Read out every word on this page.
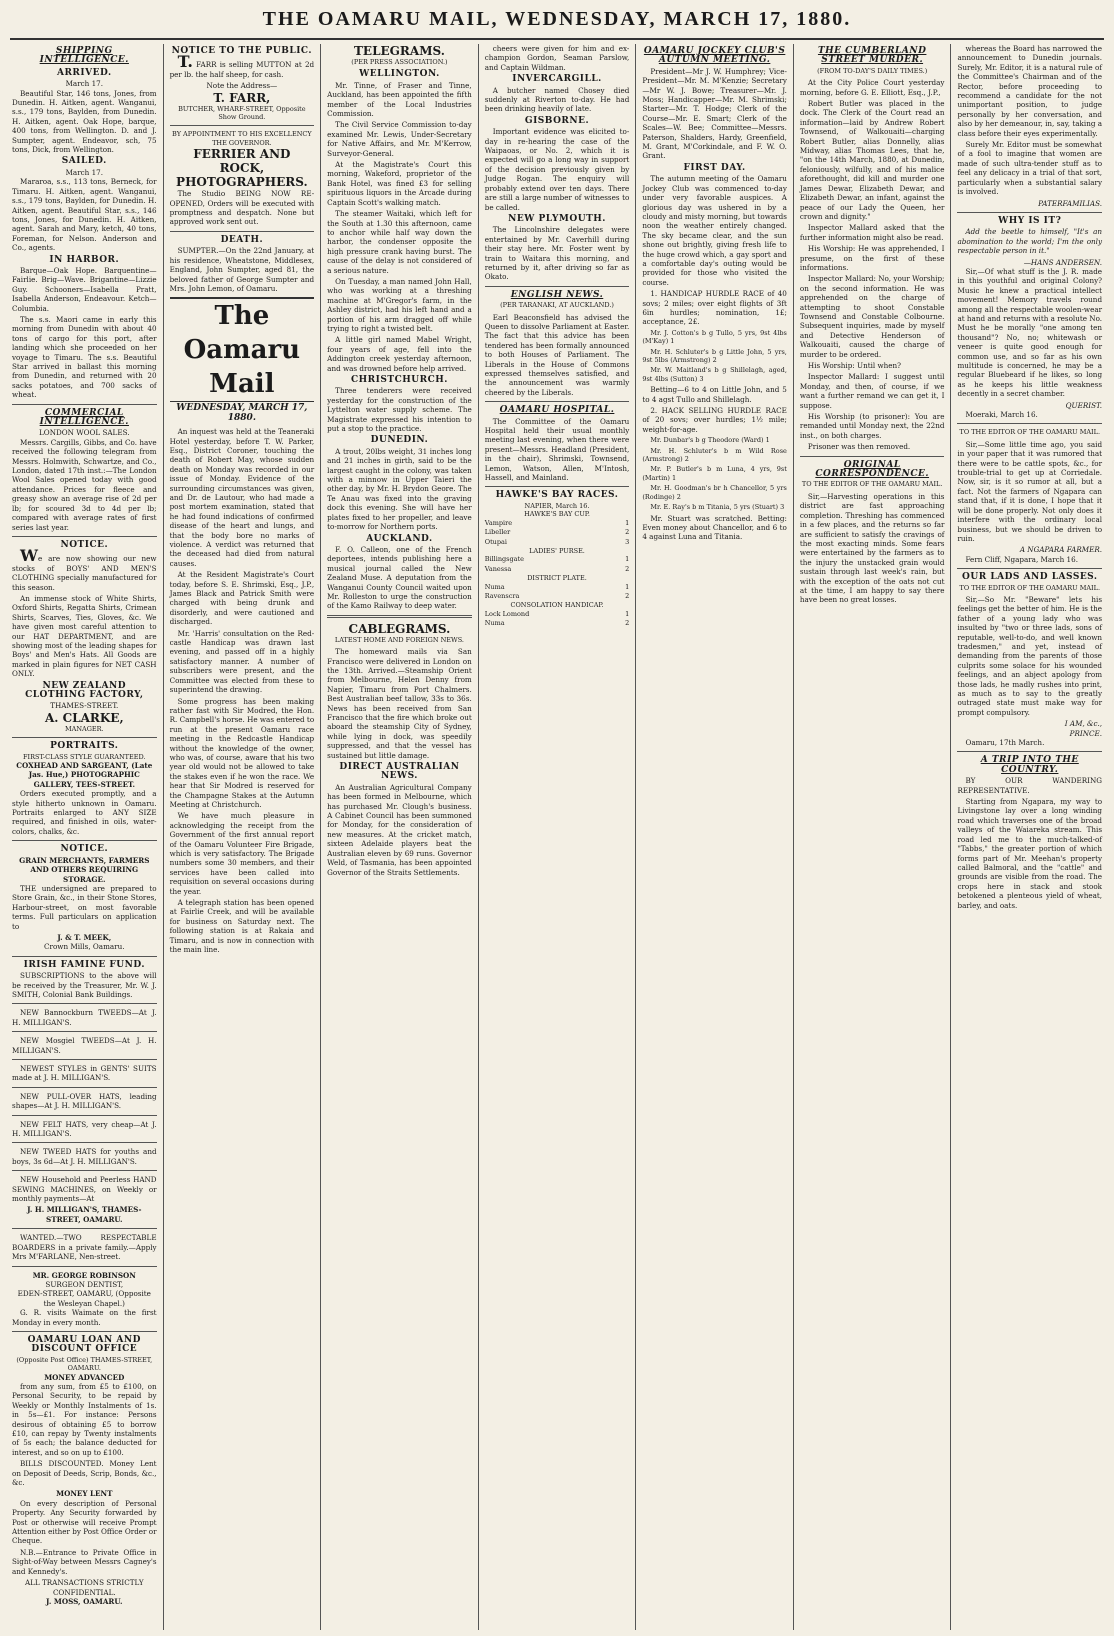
THE OAMARU MAIL, WEDNESDAY, MARCH 17, 1880.
SHIPPING INTELLIGENCE.
ARRIVED.
March 17.
Beautiful Star, 146 tons, Jones, from Dunedin. H. Aitken, agent. Wanganui, s.s., 179 tons, Baylden, from Dunedin. H. Aitken, agent. Oak Hope, barque, 400 tons, from Wellington. D. and J. Sumpter, agent. Endeavor, sch, 75 tons, Dick, from Wellington.
SAILED.
March 17.
Mararoa, s.s., 113 tons, Berneck, for Timaru. H. Aitken, agent. Wanganui, s.s., 179 tons, Baylden, for Dunedin. H. Aitken, agent. Beautiful Star, s.s., 146 tons, Jones, for Dunedin. H. Aitken, agent. Sarah and Mary, ketch, 40 tons, Foreman, for Nelson. Anderson and Co., agents.
IN HARBOR.
Barque—Oak Hope. Barquentine—Fairlie. Brig—Wave. Brigantine—Lizzie Guy. Schooners—Isabella Pratt, Isabella Anderson, Endeavour. Ketch—Columbia.
The s.s. Maori came in early this morning from Dunedin with about 40 tons of cargo for this port, after landing which she proceeded on her voyage to Timaru. The s.s. Beautiful Star arrived in ballast this morning from Dunedin, and returned with 20 sacks potatoes, and 700 sacks of wheat.
COMMERCIAL INTELLIGENCE.
LONDON WOOL SALES.
Messrs. Cargills, Gibbs, and Co. have received the following telegram from Messrs. Holmwith, Schwartze, and Co., London, dated 17th inst.:—The London Wool Sales opened today with good attendance. Prices for fleece and greasy show an average rise of 2d per lb; for scoured 3d to 4d per lb; compared with average rates of first series last year.
NOTICE.
We are now showing our new stocks of BOYS' AND MEN'S CLOTHING specially manufactured for this season.
An immense stock of White Shirts, Oxford Shirts, Regatta Shirts, Crimean Shirts, Scarves, Ties, Gloves, &c. We have given most careful attention to our HAT DEPARTMENT, and are showing most of the leading shapes for Boys' and Men's Hats. All Goods are marked in plain figures for NET CASH ONLY.
NEW ZEALAND CLOTHING FACTORY,
THAMES-STREET.
A. CLARKE,
MANAGER.
PORTRAITS.
FIRST-CLASS STYLE GUARANTEED.
COXHEAD AND SARGEANT, (Late Jas. Hue,) PHOTOGRAPHIC GALLERY, TEES-STREET.
Orders executed promptly, and a style hitherto unknown in Oamaru. Portraits enlarged to ANY SIZE required, and finished in oils, water-colors, chalks, &c.
NOTICE.
GRAIN MERCHANTS, FARMERS AND OTHERS REQUIRING STORAGE.
THE undersigned are prepared to Store Grain, &c., in their Stone Stores, Harbour-street, on most favorable terms. Full particulars on application to
J. & T. MEEK,
Crown Mills, Oamaru.
IRISH FAMINE FUND.
SUBSCRIPTIONS to the above will be received by the Treasurer, Mr. W. J. SMITH, Colonial Bank Buildings.
NEW Bannockburn TWEEDS—At J. H. MILLIGAN'S.
NEW Mosgiel TWEEDS—At J. H. MILLIGAN'S.
NEWEST STYLES in GENTS' SUITS made at J. H. MILLIGAN'S.
NEW PULL-OVER HATS, leading shapes—At J. H. MILLIGAN'S.
NEW FELT HATS, very cheap—At J. H. MILLIGAN'S.
NEW TWEED HATS for youths and boys, 3s 6d—At J. H. MILLIGAN'S.
NEW Household and Peerless HAND SEWING MACHINES, on Weekly or monthly payments—At
J. H. MILLIGAN'S, THAMES-STREET, OAMARU.
WANTED.—TWO RESPECTABLE BOARDERS in a private family.—Apply Mrs M'FARLANE, Nen-street.
MR. GEORGE ROBINSON
SURGEON DENTIST,
EDEN-STREET, OAMARU, (Opposite the Wesleyan Chapel.)
G. R. visits Waimate on the first Monday in every month.
OAMARU LOAN AND DISCOUNT OFFICE
(Opposite Post Office) THAMES-STREET, OAMARU.
MONEY ADVANCED
from any sum, from £5 to £100, on Personal Security, to be repaid by Weekly or Monthly Instalments of 1s. in 5s—£1. For instance: Persons desirous of obtaining £5 to borrow £10, can repay by Twenty instalments of 5s each; the balance deducted for interest, and so on up to £100.
BILLS DISCOUNTED. Money Lent on Deposit of Deeds, Scrip, Bonds, &c., &c.
MONEY LENT
On every description of Personal Property. Any Security forwarded by Post or otherwise will receive Prompt Attention either by Post Office Order or Cheque.
N.B.—Entrance to Private Office in Sight-of-Way between Messrs Cagney's and Kennedy's.
ALL TRANSACTIONS STRICTLY CONFIDENTIAL.
J. MOSS, OAMARU.
NOTICE TO THE PUBLIC.
T. FARR is selling MUTTON at 2d per lb. the half sheep, for cash.
Note the Address—
T. FARR,
BUTCHER, WHARF-STREET, Opposite Show Ground.
BY APPOINTMENT TO HIS EXCELLENCY THE GOVERNOR.
FERRIER AND ROCK, PHOTOGRAPHERS.
The Studio BEING NOW RE-OPENED, Orders will be executed with promptness and despatch. None but approved work sent out.
DEATH.
SUMPTER.—On the 22nd January, at his residence, Wheatstone, Middlesex, England, John Sumpter, aged 81, the beloved father of George Sumpter and Mrs. John Lemon, of Oamaru.
The Oamaru Mail
WEDNESDAY, MARCH 17, 1880.
An inquest was held at the Teaneraki Hotel yesterday, before T. W. Parker, Esq., District Coroner, touching the death of Robert May, whose sudden death on Monday was recorded in our issue of Monday. Evidence of the surrounding circumstances was given, and Dr. de Lautour, who had made a post mortem examination, stated that he had found indications of confirmed disease of the heart and lungs, and that the body bore no marks of violence. A verdict was returned that the deceased had died from natural causes.
At the Resident Magistrate's Court today, before S. E. Shrimski, Esq., J.P., James Black and Patrick Smith were charged with being drunk and disorderly, and were cautioned and discharged.
Mr. 'Harris' consultation on the Red-castle Handicap was drawn last evening, and passed off in a highly satisfactory manner. A number of subscribers were present, and the Committee was elected from these to superintend the drawing.
Some progress has been making rather fast with Sir Modred, the Hon. R. Campbell's horse. He was entered to run at the present Oamaru race meeting in the Redcastle Handicap without the knowledge of the owner, who was, of course, aware that his two year old would not be allowed to take the stakes even if he won the race. We hear that Sir Modred is reserved for the Champagne Stakes at the Autumn Meeting at Christchurch.
We have much pleasure in acknowledging the receipt from the Government of the first annual report of the Oamaru Volunteer Fire Brigade, which is very satisfactory. The Brigade numbers some 30 members, and their services have been called into requisition on several occasions during the year.
A telegraph station has been opened at Fairlie Creek, and will be available for business on Saturday next. The following station is at Rakaia and Timaru, and is now in connection with the main line.
TELEGRAMS.
(PER PRESS ASSOCIATION.)
WELLINGTON.
Mr. Tinne, of Fraser and Tinne, Auckland, has been appointed the fifth member of the Local Industries Commission.
The Civil Service Commission to-day examined Mr. Lewis, Under-Secretary for Native Affairs, and Mr. M'Kerrow, Surveyor-General.
At the Magistrate's Court this morning, Wakeford, proprietor of the Bank Hotel, was fined £3 for selling spirituous liquors in the Arcade during Captain Scott's walking match.
The steamer Waitaki, which left for the South at 1.30 this afternoon, came to anchor while half way down the harbor, the condenser opposite the high pressure crank having burst. The cause of the delay is not considered of a serious nature.
On Tuesday, a man named John Hall, who was working at a threshing machine at M'Gregor's farm, in the Ashley district, had his left hand and a portion of his arm dragged off while trying to right a twisted belt.
A little girl named Mabel Wright, four years of age, fell into the Addington creek yesterday afternoon, and was drowned before help arrived.
CHRISTCHURCH.
Three tenderers were received yesterday for the construction of the Lyttelton water supply scheme. The Magistrate expressed his intention to put a stop to the practice.
DUNEDIN.
A trout, 20lbs weight, 31 inches long and 21 inches in girth, said to be the largest caught in the colony, was taken with a minnow in Upper Taieri the other day, by Mr. H. Brydon Geore. The Te Anau was fixed into the graving dock this evening. She will have her plates fixed to her propeller, and leave to-morrow for Northern ports.
AUCKLAND.
F. O. Calleon, one of the French deportees, intends publishing here a musical journal called the New Zealand Muse. A deputation from the Wanganui County Council waited upon Mr. Rolleston to urge the construction of the Kamo Railway to deep water.
CABLEGRAMS.
LATEST HOME AND FOREIGN NEWS.
The homeward mails via San Francisco were delivered in London on the 13th. Arrived.—Steamship Orient from Melbourne, Helen Denny from Napier, Timaru from Port Chalmers. Best Australian beef tallow, 33s to 36s. News has been received from San Francisco that the fire which broke out aboard the steamship City of Sydney, while lying in dock, was speedily suppressed, and that the vessel has sustained but little damage.
DIRECT AUSTRALIAN NEWS.
An Australian Agricultural Company has been formed in Melbourne, which has purchased Mr. Clough's business. A Cabinet Council has been summoned for Monday, for the consideration of new measures. At the cricket match, sixteen Adelaide players beat the Australian eleven by 69 runs. Governor Weld, of Tasmania, has been appointed Governor of the Straits Settlements.
cheers were given for him and ex-champion Gordon, Seaman Parslow, and Captain Wildman.
INVERCARGILL.
A butcher named Chosey died suddenly at Riverton to-day. He had been drinking heavily of late.
GISBORNE.
Important evidence was elicited to-day in re-hearing the case of the Waipaoas, or No. 2, which it is expected will go a long way in support of the decision previously given by Judge Rogan. The enquiry will probably extend over ten days. There are still a large number of witnesses to be called.
NEW PLYMOUTH.
The Lincolnshire delegates were entertained by Mr. Caverhill during their stay here. Mr. Foster went by train to Waitara this morning, and returned by it, after driving so far as Okato.
ENGLISH NEWS.
(PER TARANAKI, AT AUCKLAND.)
Earl Beaconsfield has advised the Queen to dissolve Parliament at Easter. The fact that this advice has been tendered has been formally announced to both Houses of Parliament. The Liberals in the House of Commons expressed themselves satisfied, and the announcement was warmly cheered by the Liberals.
OAMARU HOSPITAL.
The Committee of the Oamaru Hospital held their usual monthly meeting last evening, when there were present—Messrs. Headland (President, in the chair), Shrimski, Townsend, Lemon, Watson, Allen, M'Intosh, Hassell, and Mainland.
HAWKE'S BAY RACES.
NAPIER, March 16.
HAWKE'S BAY CUP.
Vampire	1
Libeller	2
Otupai	3
LADIES' PURSE.
Billingsgate	1
Vanessa	2
DISTRICT PLATE.
Numa	1
Ravenscra	2
CONSOLATION HANDICAP.
Lock Lomond	1
Numa	2
OAMARU JOCKEY CLUB'S AUTUMN MEETING.
President—Mr J. W. Humphrey; Vice-President—Mr. M. M'Kenzie; Secretary—Mr W. J. Bowe; Treasurer—Mr. J. Moss; Handicapper—Mr. M. Shrimski; Starter—Mr. T. Hodge; Clerk of the Course—Mr. E. Smart; Clerk of the Scales—W. Bee; Committee—Messrs. Paterson, Shalders, Hardy, Greenfield, M. Grant, M'Corkindale, and F. W. O. Grant.
FIRST DAY.
The autumn meeting of the Oamaru Jockey Club was commenced to-day under very favorable auspices. A glorious day was ushered in by a cloudy and misty morning, but towards noon the weather entirely changed. The sky became clear, and the sun shone out brightly, giving fresh life to the huge crowd which, a gay sport and a comfortable day's outing would be provided for those who visited the course.
1. HANDICAP HURDLE RACE of 40 sovs; 2 miles; over eight flights of 3ft 6in hurdles; nomination, 1£; acceptance, 2£.
Mr. J. Cotton's b g Tullo, 5 yrs, 9st 4lbs (M'Kay) 1
Mr. H. Schluter's b g Little John, 5 yrs, 9st 5lbs (Armstrong) 2
Mr. W. Maitland's b g Shillelagh, aged, 9st 4lbs (Sutton) 3
Betting—6 to 4 on Little John, and 5 to 4 agst Tullo and Shillelagh.
2. HACK SELLING HURDLE RACE of 20 sovs; over hurdles; 1½ mile; weight-for-age.
Mr. Dunbar's b g Theodore (Ward) 1
Mr. H. Schluter's b m Wild Rose (Armstrong) 2
Mr. P. Butler's b m Luna, 4 yrs, 9st (Martin) 1
Mr. H. Goodman's br h Chancellor, 5 yrs (Rodinge) 2
Mr. E. Ray's b m Titania, 5 yrs (Stuart) 3
Mr. Stuart was scratched. Betting: Even money about Chancellor, and 6 to 4 against Luna and Titania.
THE CUMBERLAND STREET MURDER.
(FROM TO-DAY'S DAILY TIMES.)
At the City Police Court yesterday morning, before G. E. Elliott, Esq., J.P.,
Robert Butler was placed in the dock. The Clerk of the Court read an information—laid by Andrew Robert Townsend, of Walkouaiti—charging Robert Butler, alias Donnelly, alias Midway, alias Thomas Lees, that he, "on the 14th March, 1880, at Dunedin, feloniously, wilfully, and of his malice aforethought, did kill and murder one James Dewar, Elizabeth Dewar, and Elizabeth Dewar, an infant, against the peace of our Lady the Queen, her crown and dignity."
Inspector Mallard asked that the further information might also be read.
His Worship: He was apprehended, I presume, on the first of these informations.
Inspector Mallard: No, your Worship; on the second information. He was apprehended on the charge of attempting to shoot Constable Townsend and Constable Colbourne. Subsequent inquiries, made by myself and Detective Henderson of Walkouaiti, caused the charge of murder to be ordered.
His Worship: Until when?
Inspector Mallard: I suggest until Monday, and then, of course, if we want a further remand we can get it, I suppose.
His Worship (to prisoner): You are remanded until Monday next, the 22nd inst., on both charges.
Prisoner was then removed.
ORIGINAL CORRESPONDENCE.
TO THE EDITOR OF THE OAMARU MAIL.
Sir,—Harvesting operations in this district are fast approaching completion. Threshing has commenced in a few places, and the returns so far are sufficient to satisfy the cravings of the most exacting minds. Some fears were entertained by the farmers as to the injury the unstacked grain would sustain through last week's rain, but with the exception of the oats not cut at the time, I am happy to say there have been no great losses.
whereas the Board has narrowed the announcement to Dunedin journals. Surely, Mr. Editor, it is a natural rule of the Committee's Chairman and of the Rector, before proceeding to recommend a candidate for the not unimportant position, to judge personally by her conversation, and also by her demeanour, in, say, taking a class before their eyes experimentally.
Surely Mr. Editor must be somewhat of a fool to imagine that women are made of such ultra-tender stuff as to feel any delicacy in a trial of that sort, particularly when a substantial salary is involved.
PATERFAMILIAS.
WHY IS IT?
Add the beetle to himself, "It's an abomination to the world; I'm the only respectable person in it."
—HANS ANDERSEN.
Sir,—Of what stuff is the J. R. made in this youthful and original Colony? Music he knew a practical intellect movement! Memory travels round among all the respectable woolen-wear at hand and returns with a resolute No. Must he be morally "one among ten thousand"? No, no; whitewash or veneer is quite good enough for common use, and so far as his own multitude is concerned, he may be a regular Bluebeard if he likes, so long as he keeps his little weakness decently in a secret chamber.
QUERIST.
Moeraki, March 16.
TO THE EDITOR OF THE OAMARU MAIL.
Sir,—Some little time ago, you said in your paper that it was rumored that there were to be cattle spots, &c., for trouble-trial to get up at Corriedale. Now, sir, is it so rumor at all, but a fact. Not the farmers of Ngapara can stand that, if it is done, I hope that it will be done properly. Not only does it interfere with the ordinary local business, but we should be driven to ruin.
A NGAPARA FARMER.
Fern Cliff, Ngapara, March 16.
OUR LADS AND LASSES.
TO THE EDITOR OF THE OAMARU MAIL.
Sir,—So Mr. "Beware" lets his feelings get the better of him. He is the father of a young lady who was insulted by "two or three lads, sons of reputable, well-to-do, and well known tradesmen," and yet, instead of demanding from the parents of those culprits some solace for his wounded feelings, and an abject apology from those lads, he madly rushes into print, as much as to say to the greatly outraged state must make way for prompt compulsory.
I AM, &c.,
PRINCE.
Oamaru, 17th March.
A TRIP INTO THE COUNTRY.
BY OUR WANDERING REPRESENTATIVE.
Starting from Ngapara, my way to Livingstone lay over a long winding road which traverses one of the broad valleys of the Waiareka stream. This road led me to the much-talked-of "Tabbs," the greater portion of which forms part of Mr. Meehan's property called Balmoral, and the "cattle" and grounds are visible from the road. The crops here in stack and stook betokened a plenteous yield of wheat, barley, and oats.
